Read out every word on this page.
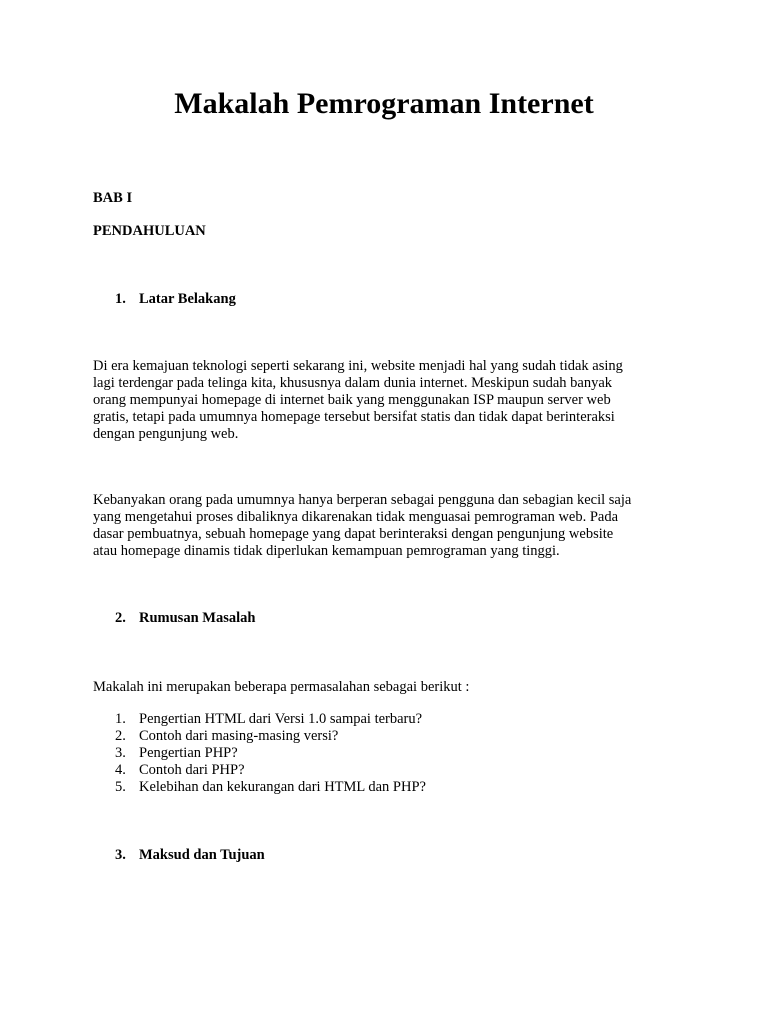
Makalah Pemrograman Internet

BAB I

PENDAHULUAN

1. Latar Belakang

Di era kemajuan teknologi seperti sekarang ini, website menjadi hal yang sudah tidak asing
lagi terdengar pada telinga kita, khususnya dalam dunia internet. Meskipun sudah banyak
orang mempunyai homepage di internet baik yang menggunakan ISP maupun server web
gratis, tetapi pada umumnya homepage tersebut bersifat statis dan tidak dapat berinteraksi
dengan pengunjung web.
Kebanyakan orang pada umumnya hanya berperan sebagai pengguna dan sebagian kecil saja
yang mengetahui proses dibaliknya dikarenakan tidak menguasai pemrograman web. Pada
dasar pembuatnya, sebuah homepage yang dapat berinteraksi dengan pengunjung website
atau homepage dinamis tidak diperlukan kemampuan pemrograman yang tinggi.

2. Rumusan Masalah

Makalah ini merupakan beberapa permasalahan sebagai berikut :

1. Pengertian HTML dari Versi 1.0 sampai terbaru?
2. Contoh dari masing-masing versi?
3. Pengertian PHP?
4. Contoh dari PHP?
5. Kelebihan dan kekurangan dari HTML dan PHP?

3. Maksud dan Tujuan
